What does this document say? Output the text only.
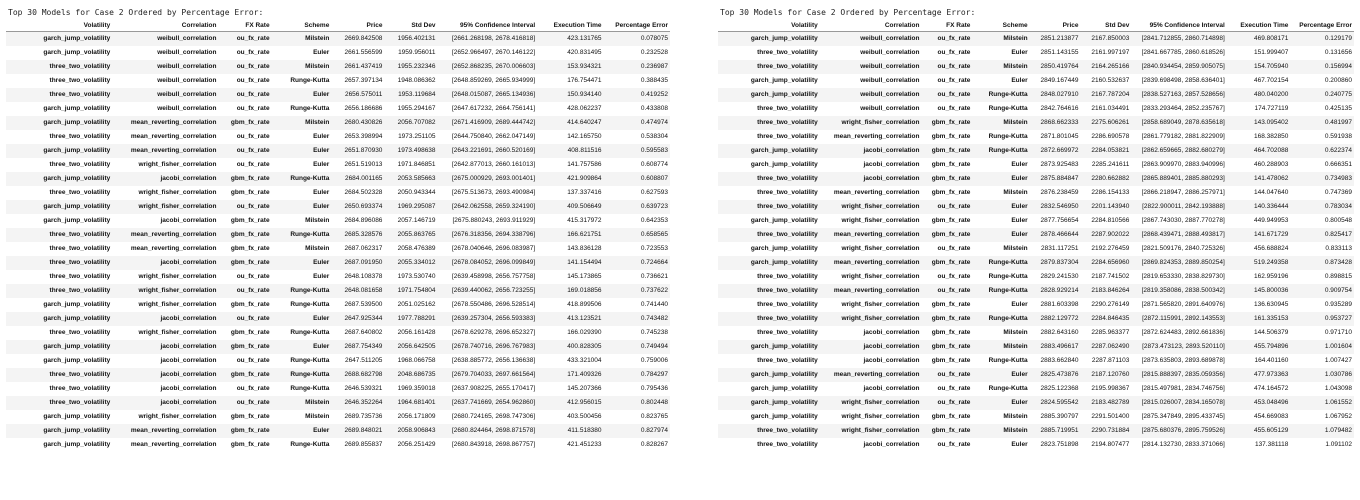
Top 30 Models for Case 2 Ordered by Percentage Error:
Volatility	Correlation	FX Rate	Scheme	Price	Std Dev	95% Confidence Interval	Execution Time	Percentage Error
garch_jump_volatility	weibull_correlation	ou_fx_rate	Milstein	2669.842508	1956.402131	[2661.268198, 2678.416818]	423.131765	0.078075
garch_jump_volatility	weibull_correlation	ou_fx_rate	Euler	2661.556599	1959.956011	[2652.966497, 2670.146122]	420.831495	0.232528
three_two_volatility	weibull_correlation	ou_fx_rate	Milstein	2661.437419	1955.232346	[2652.868235, 2670.006603]	153.934321	0.236987
three_two_volatility	weibull_correlation	ou_fx_rate	Runge-Kutta	2657.397134	1948.086362	[2648.859269, 2665.934999]	176.754471	0.388435
three_two_volatility	weibull_correlation	ou_fx_rate	Euler	2656.575011	1953.119684	[2648.015087, 2665.134936]	150.934140	0.419252
garch_jump_volatility	weibull_correlation	ou_fx_rate	Runge-Kutta	2656.186686	1955.294167	[2647.617232, 2664.756141]	428.062237	0.433808
garch_jump_volatility	mean_reverting_correlation	gbm_fx_rate	Milstein	2680.430826	2056.707082	[2671.416909, 2689.444742]	414.640247	0.474974
three_two_volatility	mean_reverting_correlation	ou_fx_rate	Euler	2653.398994	1973.251105	[2644.750840, 2662.047149]	142.165750	0.538304
garch_jump_volatility	mean_reverting_correlation	ou_fx_rate	Euler	2651.870930	1973.498638	[2643.221691, 2660.520169]	408.811516	0.595583
three_two_volatility	wright_fisher_correlation	ou_fx_rate	Euler	2651.519013	1971.846851	[2642.877013, 2660.161013]	141.757586	0.608774
garch_jump_volatility	jacobi_correlation	gbm_fx_rate	Runge-Kutta	2684.001165	2053.585663	[2675.000929, 2693.001401]	421.909864	0.608807
three_two_volatility	wright_fisher_correlation	gbm_fx_rate	Euler	2684.502328	2050.943344	[2675.513673, 2693.490984]	137.337416	0.627593
garch_jump_volatility	wright_fisher_correlation	ou_fx_rate	Euler	2650.693374	1969.295087	[2642.062558, 2659.324190]	409.506649	0.639723
garch_jump_volatility	jacobi_correlation	gbm_fx_rate	Milstein	2684.896086	2057.146719	[2675.880243, 2693.911929]	415.317972	0.642353
three_two_volatility	mean_reverting_correlation	gbm_fx_rate	Runge-Kutta	2685.328576	2055.863765	[2676.318356, 2694.338796]	166.621751	0.658565
three_two_volatility	mean_reverting_correlation	gbm_fx_rate	Milstein	2687.062317	2058.476389	[2678.040646, 2696.083987]	143.836128	0.723553
three_two_volatility	jacobi_correlation	gbm_fx_rate	Euler	2687.091950	2055.334012	[2678.084052, 2696.099849]	141.154494	0.724664
three_two_volatility	wright_fisher_correlation	ou_fx_rate	Euler	2648.108378	1973.530740	[2639.458998, 2656.757758]	145.173865	0.736621
three_two_volatility	wright_fisher_correlation	ou_fx_rate	Runge-Kutta	2648.081658	1971.754804	[2639.440062, 2656.723255]	169.018856	0.737622
garch_jump_volatility	wright_fisher_correlation	gbm_fx_rate	Runge-Kutta	2687.539500	2051.025162	[2678.550486, 2696.528514]	418.899506	0.741440
garch_jump_volatility	jacobi_correlation	ou_fx_rate	Euler	2647.925344	1977.788291	[2639.257304, 2656.593383]	413.123521	0.743482
three_two_volatility	wright_fisher_correlation	gbm_fx_rate	Runge-Kutta	2687.640802	2056.161428	[2678.629278, 2696.652327]	166.029390	0.745238
garch_jump_volatility	jacobi_correlation	gbm_fx_rate	Euler	2687.754349	2056.642505	[2678.740716, 2696.767983]	400.828305	0.749494
garch_jump_volatility	jacobi_correlation	ou_fx_rate	Runge-Kutta	2647.511205	1968.066758	[2638.885772, 2656.136638]	433.321004	0.759006
three_two_volatility	jacobi_correlation	gbm_fx_rate	Runge-Kutta	2688.682798	2048.686735	[2679.704033, 2697.661564]	171.409326	0.784297
three_two_volatility	jacobi_correlation	ou_fx_rate	Runge-Kutta	2646.539321	1969.359018	[2637.908225, 2655.170417]	145.207366	0.795436
three_two_volatility	jacobi_correlation	ou_fx_rate	Milstein	2646.352264	1964.681401	[2637.741669, 2654.962860]	412.956015	0.802448
garch_jump_volatility	wright_fisher_correlation	gbm_fx_rate	Milstein	2689.735736	2056.171809	[2680.724165, 2698.747306]	403.500456	0.823765
garch_jump_volatility	mean_reverting_correlation	gbm_fx_rate	Euler	2689.848021	2058.906843	[2680.824464, 2698.871578]	411.518380	0.827974
garch_jump_volatility	mean_reverting_correlation	gbm_fx_rate	Runge-Kutta	2689.855837	2056.251429	[2680.843918, 2698.867757]	421.451233	0.828267
Top 30 Models for Case 2 Ordered by Percentage Error:
Volatility	Correlation	FX Rate	Scheme	Price	Std Dev	95% Confidence Interval	Execution Time	Percentage Error
garch_jump_volatility	weibull_correlation	ou_fx_rate	Milstein	2851.213877	2167.850003	[2841.712855, 2860.714898]	469.808171	0.129179
three_two_volatility	weibull_correlation	ou_fx_rate	Euler	2851.143155	2161.997197	[2841.667785, 2860.618526]	151.999407	0.131656
three_two_volatility	weibull_correlation	ou_fx_rate	Milstein	2850.419764	2164.265166	[2840.934454, 2859.905075]	154.705940	0.156994
garch_jump_volatility	weibull_correlation	ou_fx_rate	Euler	2849.167449	2160.532637	[2839.698498, 2858.636401]	467.702154	0.200860
garch_jump_volatility	weibull_correlation	ou_fx_rate	Runge-Kutta	2848.027910	2167.787204	[2838.527163, 2857.528656]	480.040200	0.240775
three_two_volatility	weibull_correlation	ou_fx_rate	Runge-Kutta	2842.764616	2161.034491	[2833.293464, 2852.235767]	174.727119	0.425135
three_two_volatility	wright_fisher_correlation	gbm_fx_rate	Milstein	2868.662333	2275.606261	[2858.689049, 2878.635618]	143.095402	0.481997
three_two_volatility	mean_reverting_correlation	gbm_fx_rate	Runge-Kutta	2871.801045	2286.690578	[2861.779182, 2881.822909]	168.382850	0.591938
garch_jump_volatility	jacobi_correlation	gbm_fx_rate	Runge-Kutta	2872.669972	2284.053821	[2862.659665, 2882.680279]	464.702088	0.622374
garch_jump_volatility	jacobi_correlation	gbm_fx_rate	Euler	2873.925483	2285.241611	[2863.909970, 2883.940996]	460.288903	0.666351
three_two_volatility	jacobi_correlation	gbm_fx_rate	Euler	2875.884847	2280.662882	[2865.889401, 2885.880293]	141.478062	0.734983
three_two_volatility	mean_reverting_correlation	gbm_fx_rate	Milstein	2876.238459	2286.154133	[2866.218947, 2886.257971]	144.047640	0.747369
three_two_volatility	wright_fisher_correlation	ou_fx_rate	Euler	2832.546950	2201.143940	[2822.900011, 2842.193888]	140.336444	0.783034
garch_jump_volatility	wright_fisher_correlation	gbm_fx_rate	Euler	2877.756654	2284.810566	[2867.743030, 2887.770278]	449.949953	0.800548
three_two_volatility	mean_reverting_correlation	gbm_fx_rate	Euler	2878.466644	2287.902022	[2868.439471, 2888.493817]	141.671729	0.825417
garch_jump_volatility	wright_fisher_correlation	ou_fx_rate	Milstein	2831.117251	2192.276459	[2821.509176, 2840.725326]	456.688824	0.833113
garch_jump_volatility	mean_reverting_correlation	gbm_fx_rate	Runge-Kutta	2879.837304	2284.656960	[2869.824353, 2889.850254]	519.249358	0.873428
three_two_volatility	wright_fisher_correlation	ou_fx_rate	Runge-Kutta	2829.241530	2187.741502	[2819.653330, 2838.829730]	162.959196	0.898815
three_two_volatility	mean_reverting_correlation	ou_fx_rate	Runge-Kutta	2828.929214	2183.846264	[2819.358086, 2838.500342]	145.800036	0.909754
three_two_volatility	wright_fisher_correlation	gbm_fx_rate	Euler	2881.603398	2290.276149	[2871.565820, 2891.640976]	136.630945	0.935289
three_two_volatility	wright_fisher_correlation	gbm_fx_rate	Runge-Kutta	2882.129772	2284.846435	[2872.115991, 2892.143553]	161.335153	0.953727
three_two_volatility	jacobi_correlation	gbm_fx_rate	Milstein	2882.643160	2285.963377	[2872.624483, 2892.661836]	144.506379	0.971710
garch_jump_volatility	jacobi_correlation	gbm_fx_rate	Milstein	2883.496617	2287.062490	[2873.473123, 2893.520110]	455.794896	1.001604
three_two_volatility	jacobi_correlation	gbm_fx_rate	Runge-Kutta	2883.662840	2287.871103	[2873.635803, 2893.689878]	164.401160	1.007427
garch_jump_volatility	mean_reverting_correlation	ou_fx_rate	Euler	2825.473876	2187.120760	[2815.888397, 2835.059356]	477.973363	1.030786
garch_jump_volatility	jacobi_correlation	ou_fx_rate	Runge-Kutta	2825.122368	2195.998367	[2815.497981, 2834.746756]	474.164572	1.043098
garch_jump_volatility	wright_fisher_correlation	ou_fx_rate	Euler	2824.595542	2183.482789	[2815.026007, 2834.165078]	453.048496	1.061552
garch_jump_volatility	wright_fisher_correlation	gbm_fx_rate	Milstein	2885.390797	2291.501400	[2875.347849, 2895.433745]	454.669083	1.067952
three_two_volatility	wright_fisher_correlation	gbm_fx_rate	Milstein	2885.719951	2290.731884	[2875.680376, 2895.759526]	455.605129	1.079482
three_two_volatility	jacobi_correlation	ou_fx_rate	Euler	2823.751898	2194.807477	[2814.132730, 2833.371066]	137.381118	1.091102
